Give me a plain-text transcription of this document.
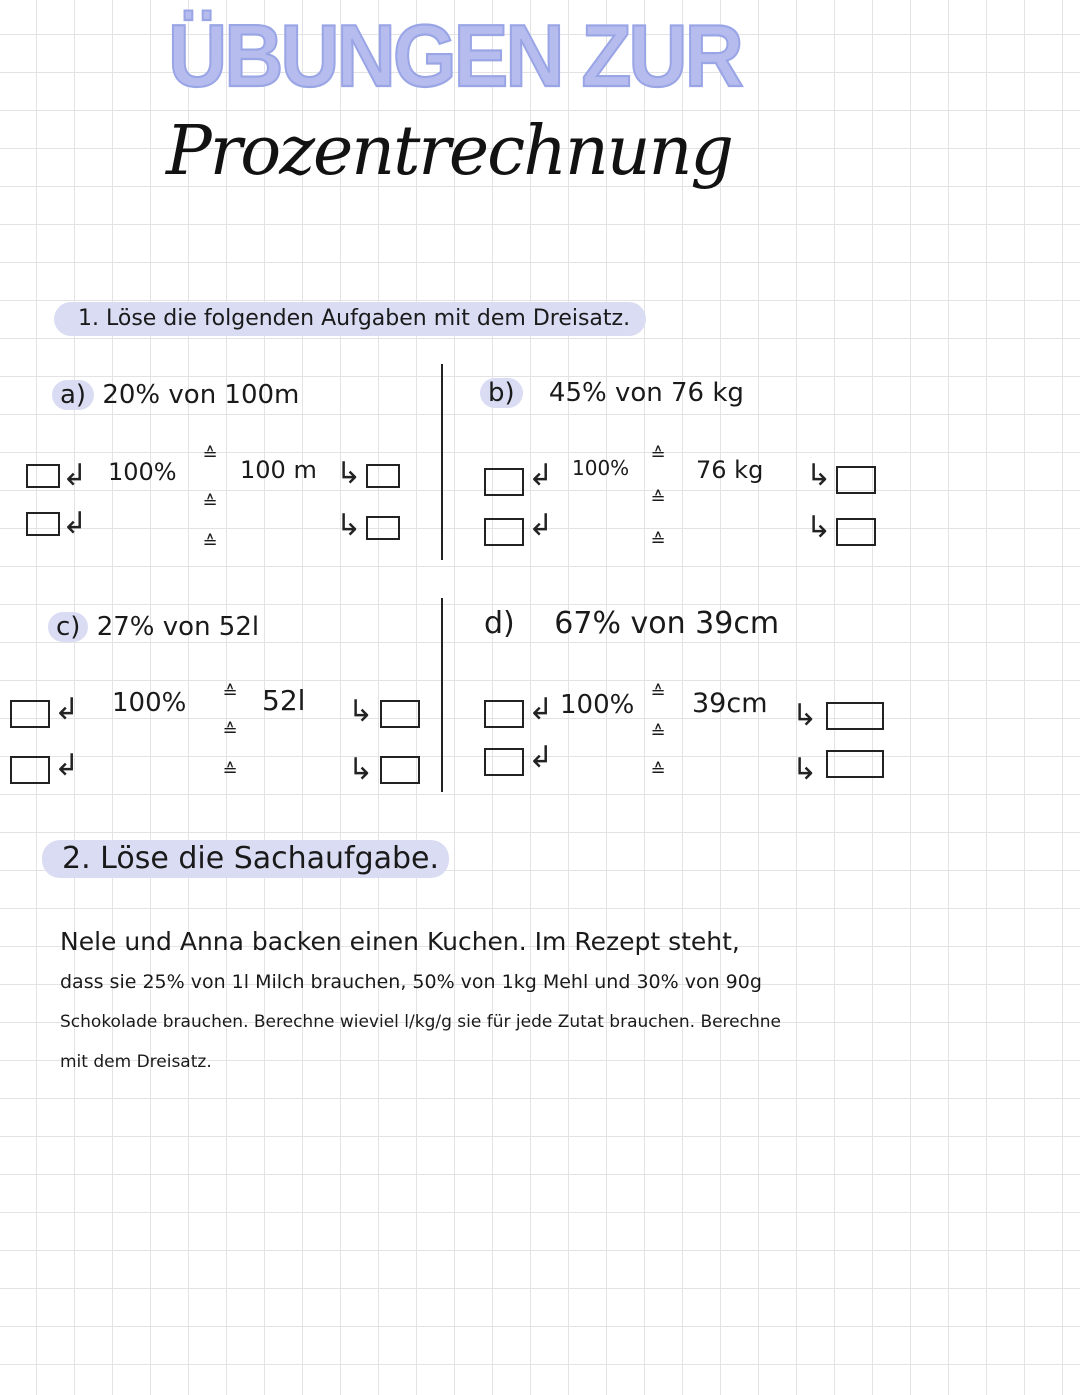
ÜBUNGEN ZUR
Prozentrechnung
1. Löse die folgenden Aufgaben mit dem Dreisatz.
a) 20% von 100m
↲
↲
100%
≙
≙
≙
100 m ↳
↳
b) 45% von 76 kg
↲
↲
100%
≙
≙
≙
76 kg ↳
↳
c) 27% von 52l
↲
↲
100% ≙
≙
≙
52l ↳
↳
d) 67% von 39cm
↲
↲
100% ≙
≙
≙
39cm ↳
↳
2. Löse die Sachaufgabe.

Nele und Anna backen einen Kuchen. Im Rezept steht,

dass sie 25% von 1l Milch brauchen, 50% von 1kg Mehl und 30% von 90g

Schokolade brauchen. Berechne wieviel l/kg/g sie für jede Zutat brauchen. Berechne

mit dem Dreisatz.
